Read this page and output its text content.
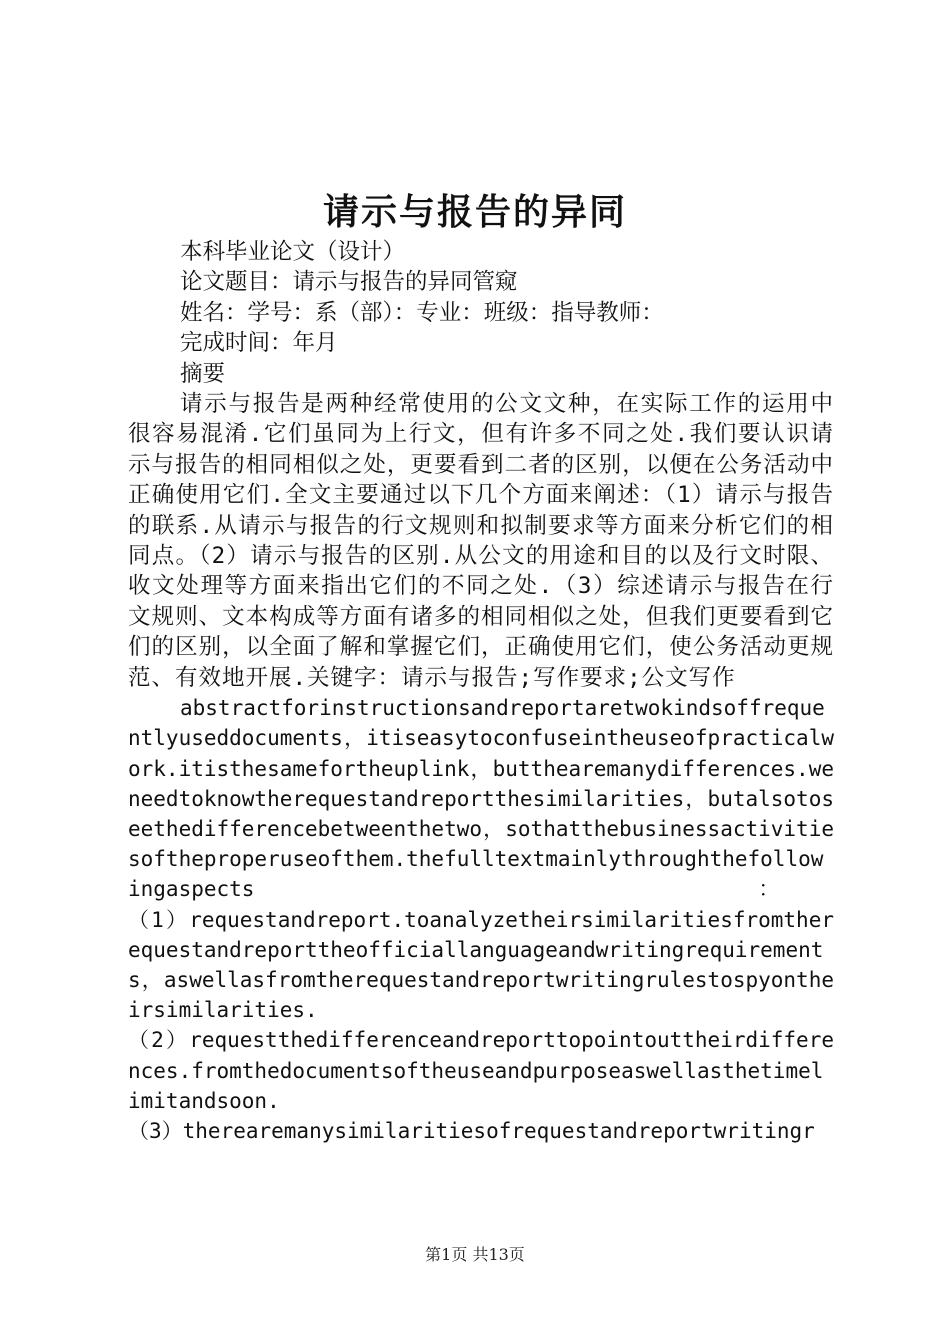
请示与报告的异同
本科毕业论文（设计）
论文题目：请示与报告的异同管窥
姓名：学号：系（部）：专业：班级：指导教师：
完成时间：年月
摘要
请示与报告是两种经常使用的公文文种，在实际工作的运用中很容易混淆.它们虽同为上行文，但有许多不同之处.我们要认识请示与报告的相同相似之处，更要看到二者的区别，以便在公务活动中正确使用它们.全文主要通过以下几个方面来阐述：（1）请示与报告的联系.从请示与报告的行文规则和拟制要求等方面来分析它们的相同点。（2）请示与报告的区别.从公文的用途和目的以及行文时限、收文处理等方面来指出它们的不同之处.（3）综述请示与报告在行文规则、文本构成等方面有诸多的相同相似之处，但我们更要看到它们的区别，以全面了解和掌握它们，正确使用它们，使公务活动更规范、有效地开展.关键字：请示与报告;写作要求;公文写作
abstractforinstructionsandreportaretwokindsoffrequentlyuseddocuments，itiseasytoconfuseintheuseofpracticalwork.itisthesamefortheuplink，butthearemanydifferences.weneedtoknowtherequestandreportthesimilarities，butalsotoseethedifferencebetweenthetwo，sothatthebusinessactivitiesoftheproperuseofthem.thefulltextmainlythroughthefollowingaspects　　　　　　　　　　　　　　　　　　　　　　　　：
（1）requestandreport.toanalyzetheirsimilaritiesfromtherequestandreporttheofficiallanguageandwritingrequirements，aswellasfromtherequestandreportwritingrulestospyontheirsimilarities.
（2）requestthedifferenceandreporttopointouttheirdifferences.fromthedocumentsoftheuseandpurposeaswellasthetimelimitandsoon.
（3）therearemanysimilaritiesofrequestandreportwritingr
第1页 共13页
